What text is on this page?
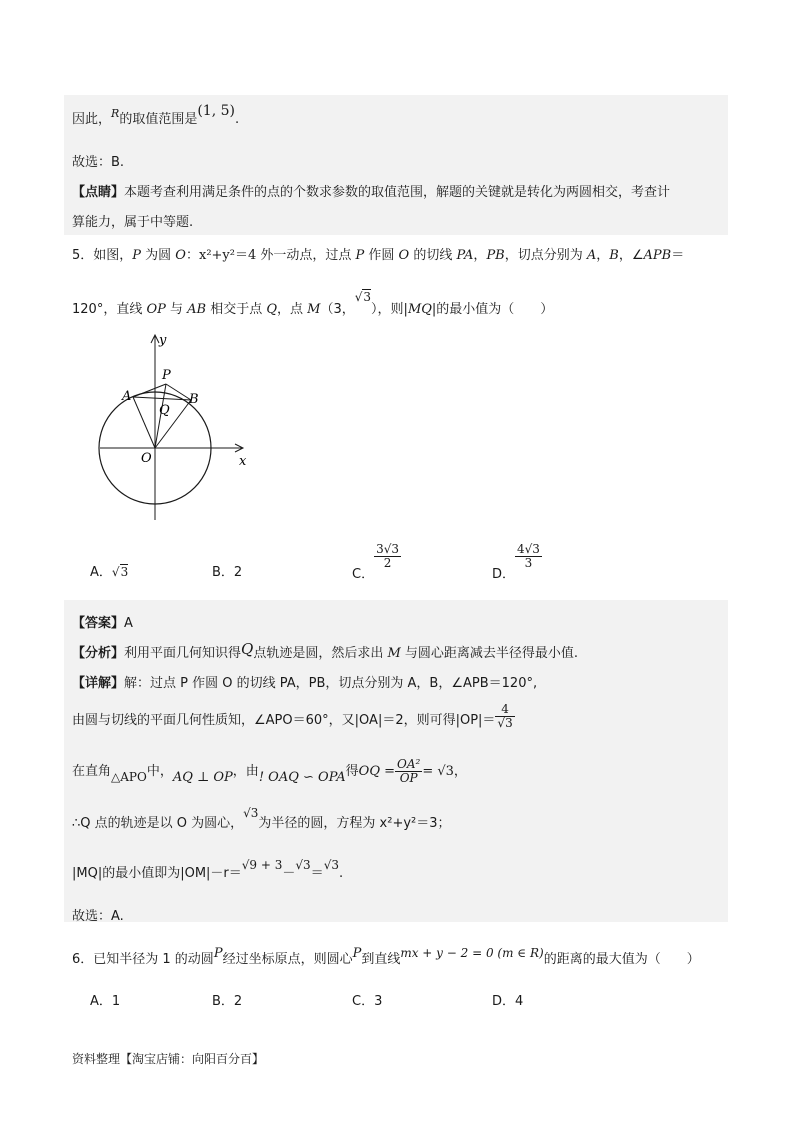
因此，$^R$的取值范围是(1, 5).
故选：B.
【点睛】本题考查利用满足条件的点的个数求参数的取值范围，解题的关键就是转化为两圆相交，考查计
算能力，属于中等题.
5．如图，P 为圆 O：x²+y²＝4 外一动点，过点 P 作圆 O 的切线 PA，PB，切点分别为 A，B，∠APB＝
120°，直线 OP 与 AB 相交于点 Q，点 M（3，√3），则|MQ|的最小值为（　　）
y
x
O
P
A	B
Q
A．√3	B．2	C．
$\frac{3√3}{2}$
D．
$\frac{4√3}{3}$
【答案】A
【分析】利用平面几何知识得Q点轨迹是圆，然后求出 M 与圆心距离减去半径得最小值.
【详解】解：过点 P 作圆 O 的切线 PA，PB，切点分别为 A，B，∠APB＝120°,
由圆与切线的平面几何性质知，∠APO＝60°，又|OA|＝2，则可得$|OP|= \frac{4}{√3}$
在直角△APO中，AQ ⊥ OP，由! OAQ ∽ OPA得OQ = $\frac{\text{OA²}}{OP} = √3$，
∴Q 点的轨迹是以 O 为圆心，√3为半径的圆，方程为 x²+y²＝3；
|MQ|的最小值即为|OM|－r＝√9 + 3－√3＝√3.
故选：A.
6．已知半径为 1 的动圆P经过坐标原点，则圆心P到直线mx + y − 2 = 0 (m ∈ R)的距离的最大值为（　　）
A．1	B．2	C．3	D．4
资料整理【淘宝店铺：向阳百分百】
